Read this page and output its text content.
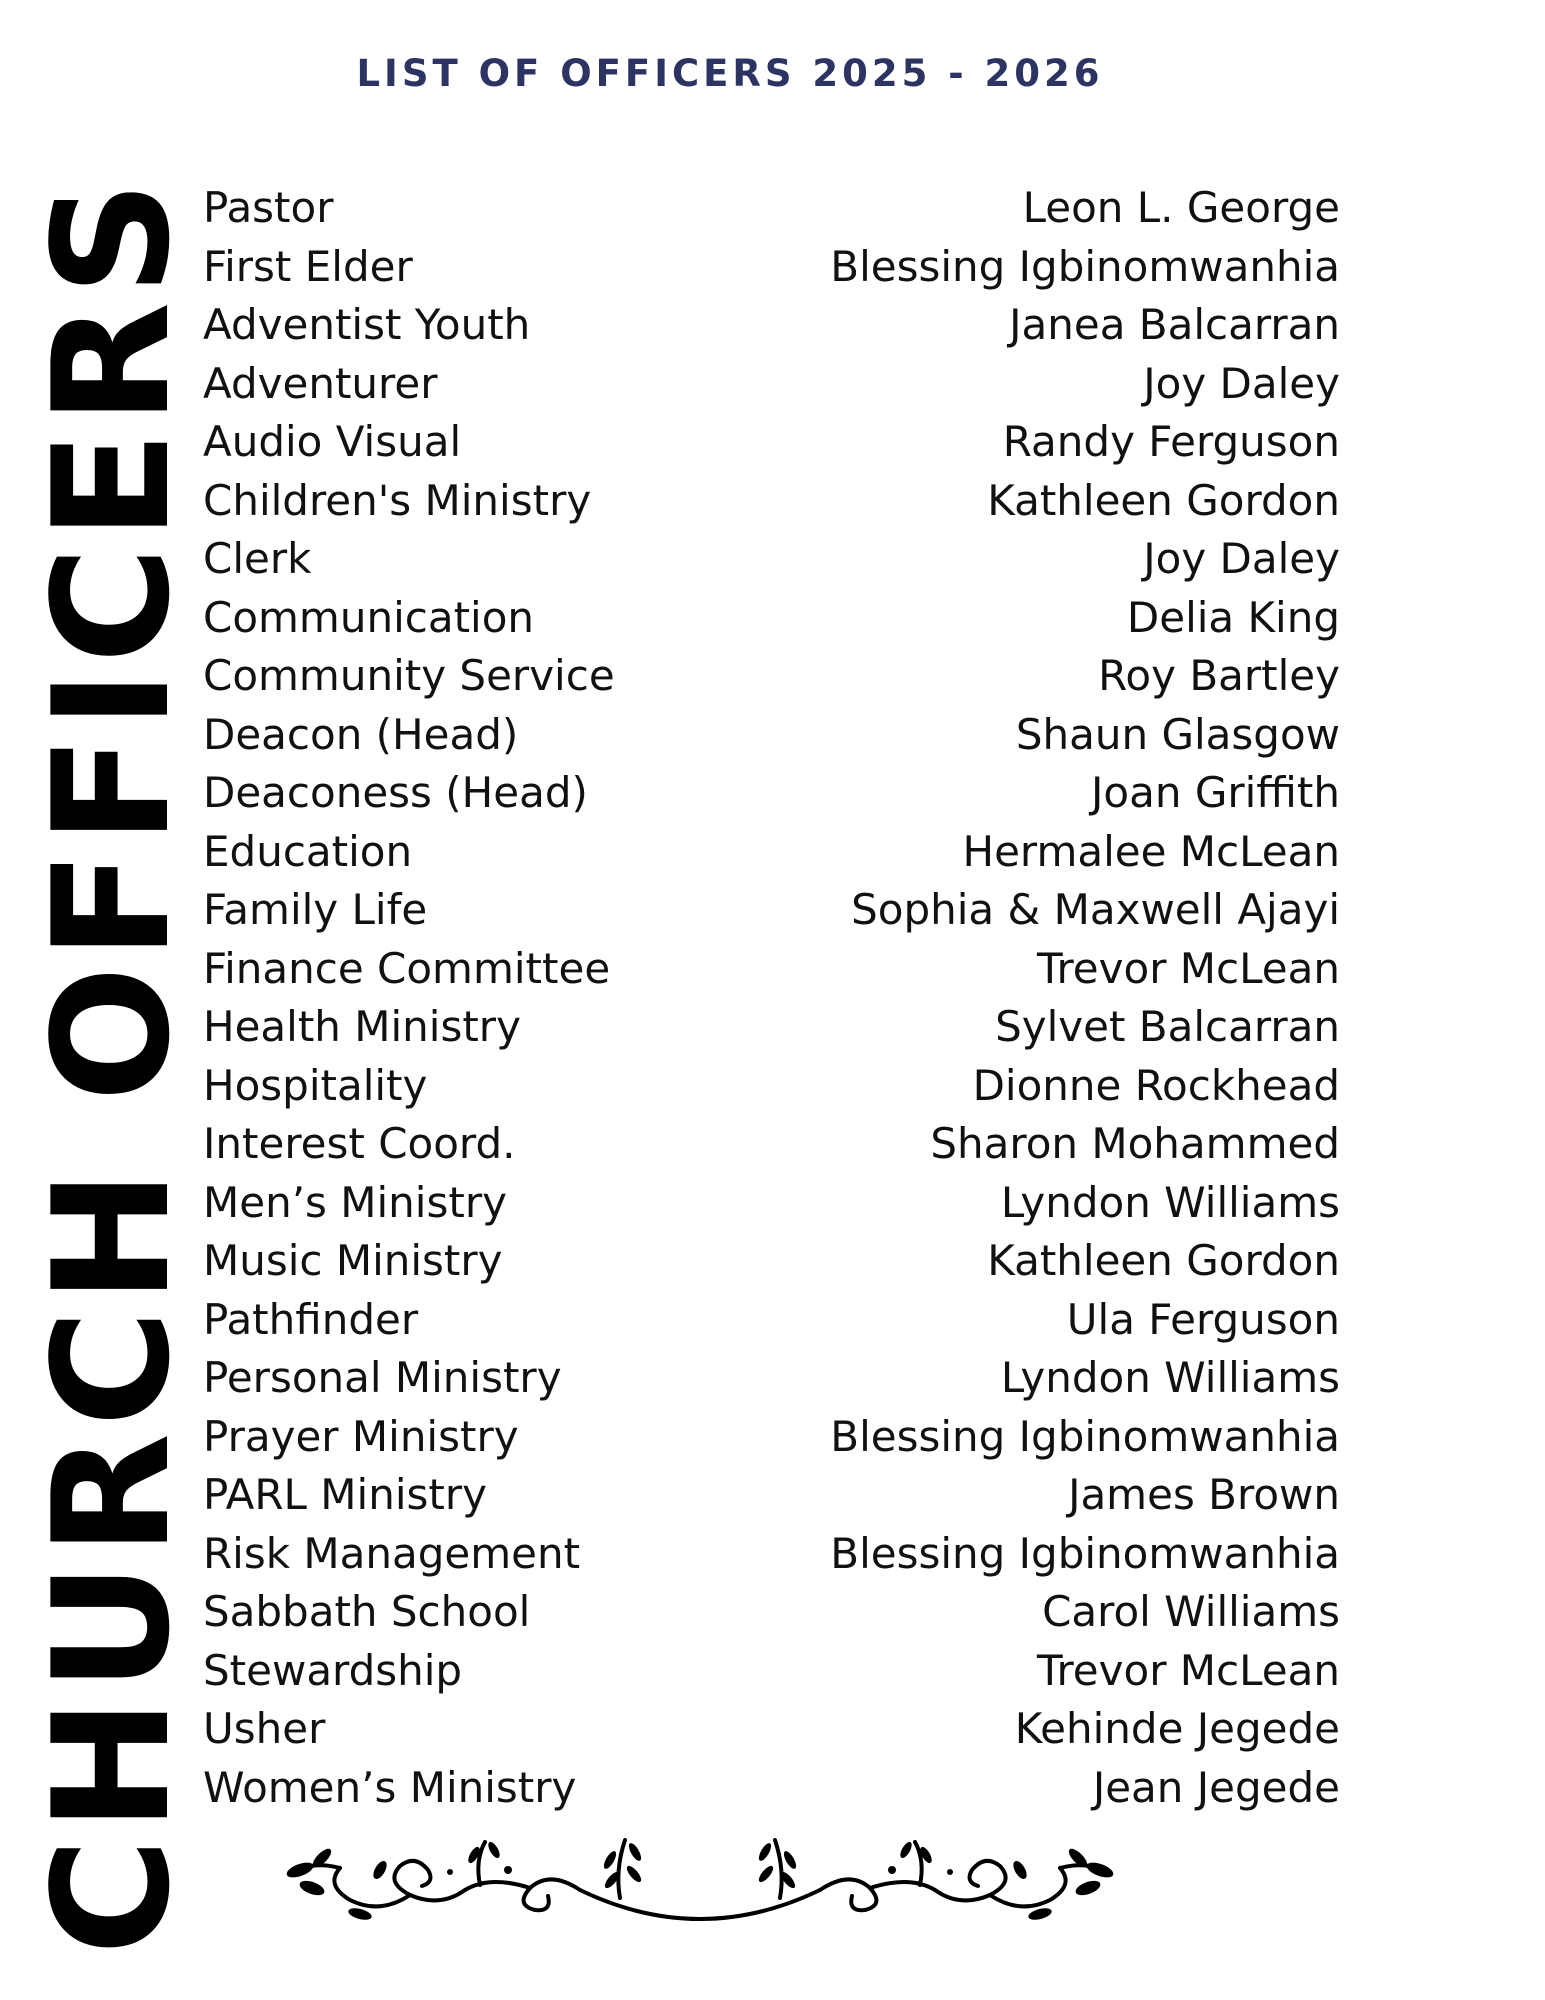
LIST OF OFFICERS 2025 - 2026
CHURCH OFFICERS
Pastor	Leon L. George
First Elder	Blessing Igbinomwanhia
Adventist Youth	Janea Balcarran
Adventurer	Joy Daley
Audio Visual	Randy Ferguson
Children's Ministry	Kathleen Gordon
Clerk	Joy Daley
Communication	Delia King
Community Service	Roy Bartley
Deacon (Head)	Shaun Glasgow
Deaconess (Head)	Joan Griffith
Education	Hermalee McLean
Family Life	Sophia & Maxwell Ajayi
Finance Committee	Trevor McLean
Health Ministry	Sylvet Balcarran
Hospitality	Dionne Rockhead
Interest Coord.	Sharon Mohammed
Men’s Ministry	Lyndon Williams
Music Ministry	Kathleen Gordon
Pathfinder	Ula Ferguson
Personal Ministry	Lyndon Williams
Prayer Ministry	Blessing Igbinomwanhia
PARL Ministry	James Brown
Risk Management	Blessing Igbinomwanhia
Sabbath School	Carol Williams
Stewardship	Trevor McLean
Usher	Kehinde Jegede
Women’s Ministry	Jean Jegede
